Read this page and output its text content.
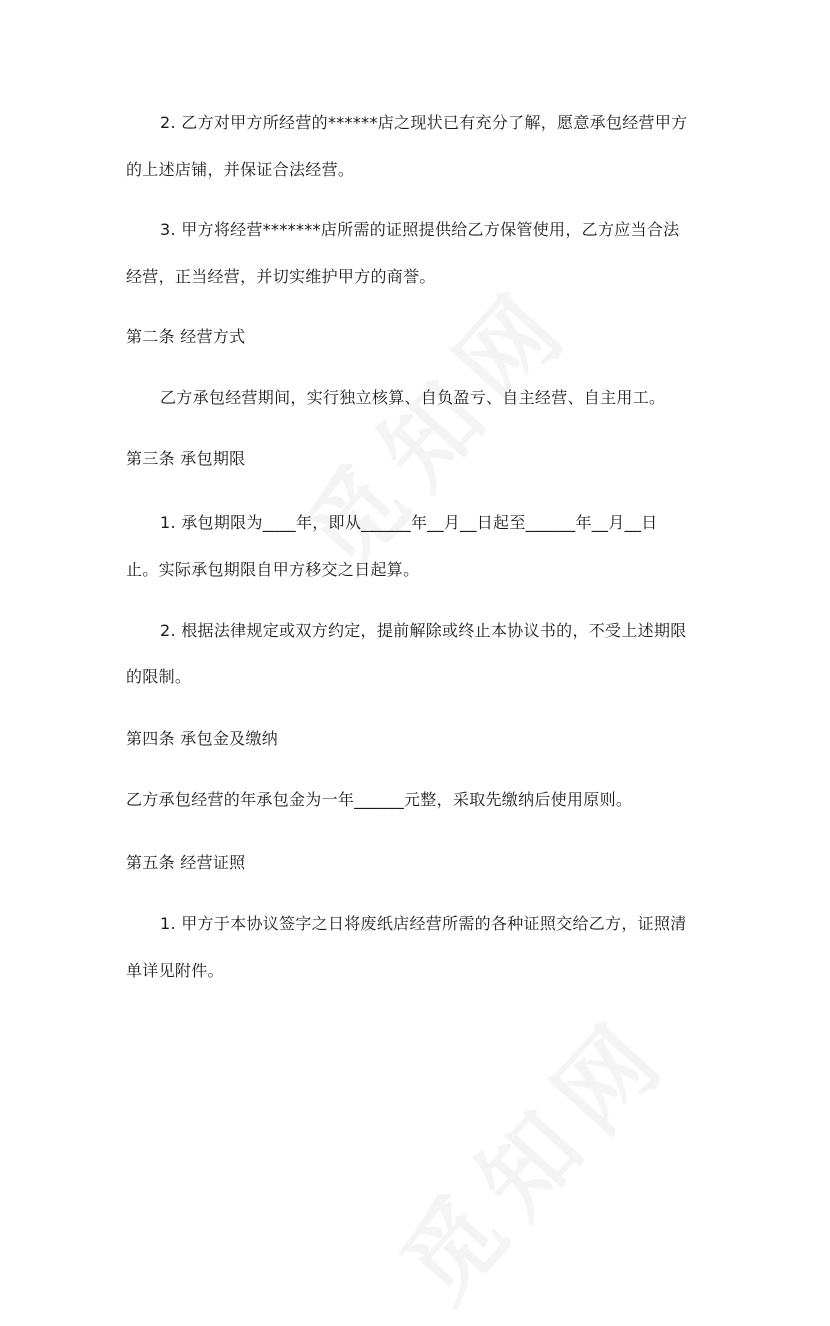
2. 乙方对甲方所经营的******店之现状已有充分了解，愿意承包经营甲方
的上述店铺，并保证合法经营。
3. 甲方将经营*******店所需的证照提供给乙方保管使用，乙方应当合法
经营，正当经营，并切实维护甲方的商誉。
第二条 经营方式
乙方承包经营期间，实行独立核算、自负盈亏、自主经营、自主用工。
第三条 承包期限
1. 承包期限为____年，即从______年__月__日起至______年__月__日
止。实际承包期限自甲方移交之日起算。
2. 根据法律规定或双方约定，提前解除或终止本协议书的，不受上述期限
的限制。
第四条 承包金及缴纳
乙方承包经营的年承包金为一年______元整，采取先缴纳后使用原则。
第五条 经营证照
1. 甲方于本协议签字之日将废纸店经营所需的各种证照交给乙方，证照清
单详见附件。
